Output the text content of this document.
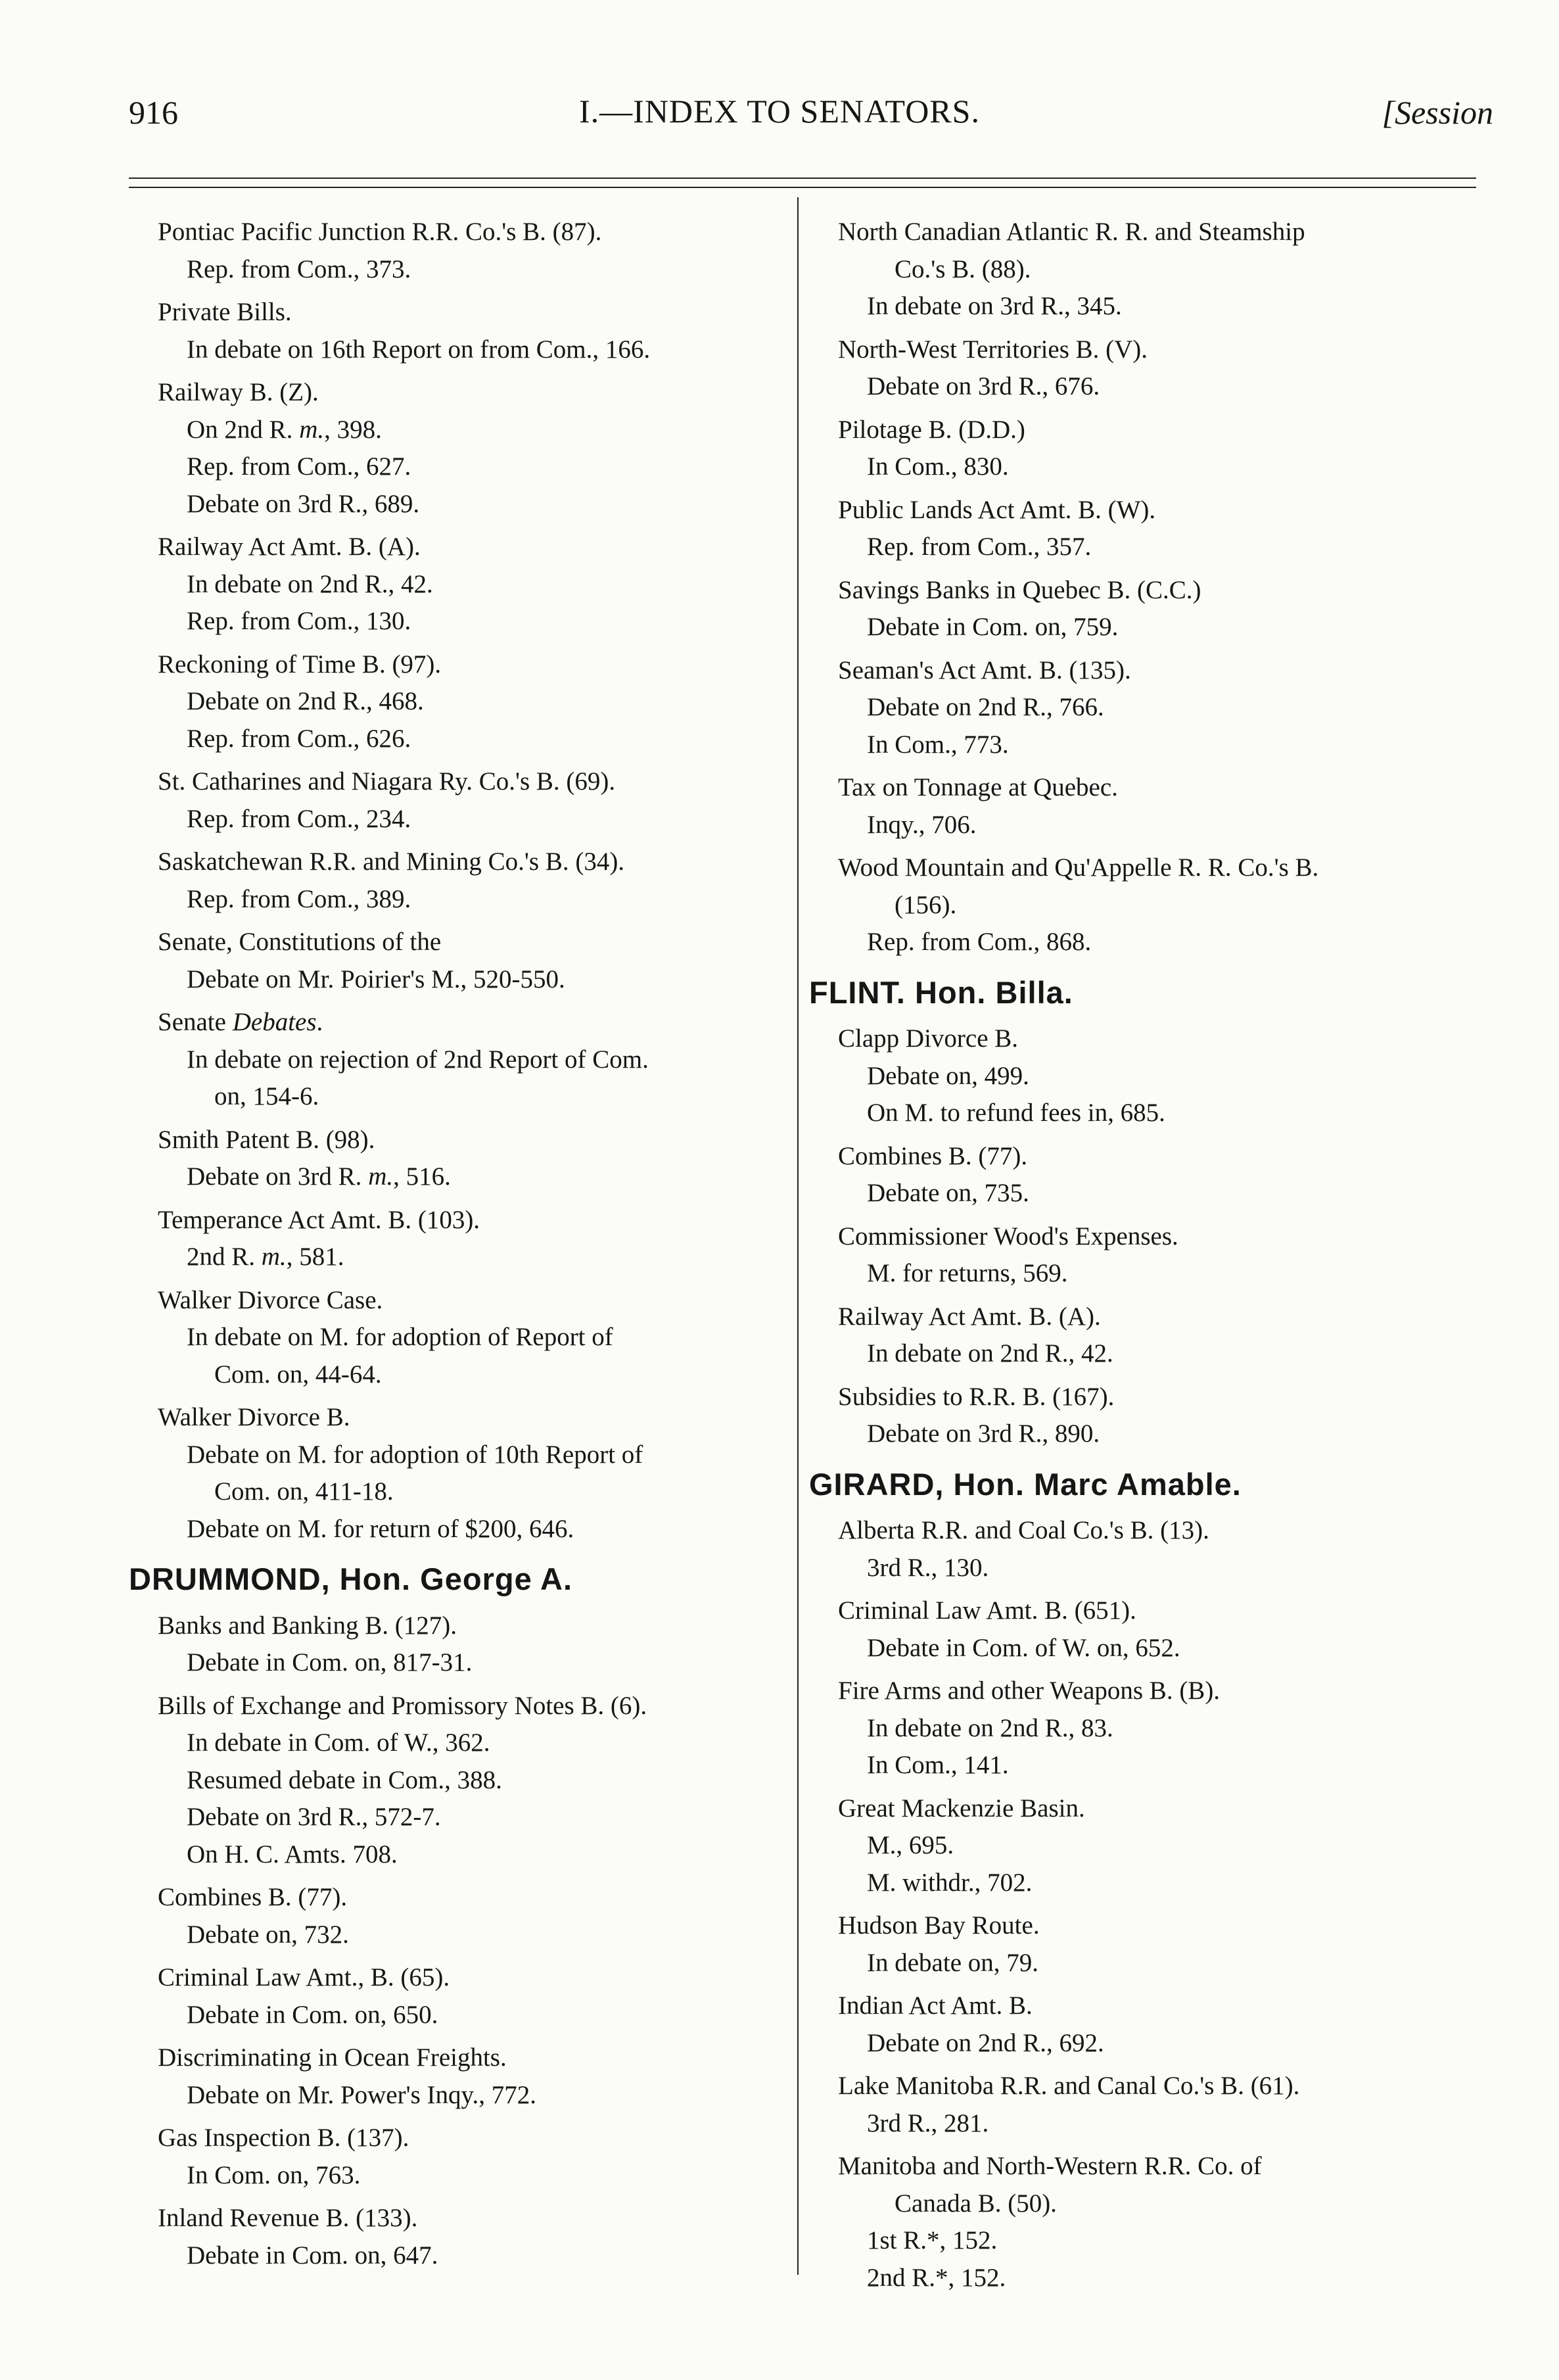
916	I.—INDEX TO SENATORS.	[Session
Pontiac Pacific Junction R.R. Co.'s B. (87).
Rep. from Com., 373.
Private Bills.
In debate on 16th Report on from Com., 166.
Railway B. (Z).
On 2nd R. m., 398.
Rep. from Com., 627.
Debate on 3rd R., 689.
Railway Act Amt. B. (A).
In debate on 2nd R., 42.
Rep. from Com., 130.
Reckoning of Time B. (97).
Debate on 2nd R., 468.
Rep. from Com., 626.
St. Catharines and Niagara Ry. Co.'s B. (69).
Rep. from Com., 234.
Saskatchewan R.R. and Mining Co.'s B. (34).
Rep. from Com., 389.
Senate, Constitutions of the
Debate on Mr. Poirier's M., 520-550.
Senate Debates.
In debate on rejection of 2nd Report of Com.
on, 154-6.
Smith Patent B. (98).
Debate on 3rd R. m., 516.
Temperance Act Amt. B. (103).
2nd R. m., 581.
Walker Divorce Case.
In debate on M. for adoption of Report of
Com. on, 44-64.
Walker Divorce B.
Debate on M. for adoption of 10th Report of
Com. on, 411-18.
Debate on M. for return of $200, 646.
DRUMMOND, Hon. George A.
Banks and Banking B. (127).
Debate in Com. on, 817-31.
Bills of Exchange and Promissory Notes B. (6).
In debate in Com. of W., 362.
Resumed debate in Com., 388.
Debate on 3rd R., 572-7.
On H. C. Amts. 708.
Combines B. (77).
Debate on, 732.
Criminal Law Amt., B. (65).
Debate in Com. on, 650.
Discriminating in Ocean Freights.
Debate on Mr. Power's Inqy., 772.
Gas Inspection B. (137).
In Com. on, 763.
Inland Revenue B. (133).
Debate in Com. on, 647.
North Canadian Atlantic R. R. and Steamship
Co.'s B. (88).
In debate on 3rd R., 345.
North-West Territories B. (V).
Debate on 3rd R., 676.
Pilotage B. (D.D.)
In Com., 830.
Public Lands Act Amt. B. (W).
Rep. from Com., 357.
Savings Banks in Quebec B. (C.C.)
Debate in Com. on, 759.
Seaman's Act Amt. B. (135).
Debate on 2nd R., 766.
In Com., 773.
Tax on Tonnage at Quebec.
Inqy., 706.
Wood Mountain and Qu'Appelle R. R. Co.'s B.
(156).
Rep. from Com., 868.
FLINT. Hon. Billa.
Clapp Divorce B.
Debate on, 499.
On M. to refund fees in, 685.
Combines B. (77).
Debate on, 735.
Commissioner Wood's Expenses.
M. for returns, 569.
Railway Act Amt. B. (A).
In debate on 2nd R., 42.
Subsidies to R.R. B. (167).
Debate on 3rd R., 890.
GIRARD, Hon. Marc Amable.
Alberta R.R. and Coal Co.'s B. (13).
3rd R., 130.
Criminal Law Amt. B. (651).
Debate in Com. of W. on, 652.
Fire Arms and other Weapons B. (B).
In debate on 2nd R., 83.
In Com., 141.
Great Mackenzie Basin.
M., 695.
M. withdr., 702.
Hudson Bay Route.
In debate on, 79.
Indian Act Amt. B.
Debate on 2nd R., 692.
Lake Manitoba R.R. and Canal Co.'s B. (61).
3rd R., 281.
Manitoba and North-Western R.R. Co. of
Canada B. (50).
1st R.*, 152.
2nd R.*, 152.
